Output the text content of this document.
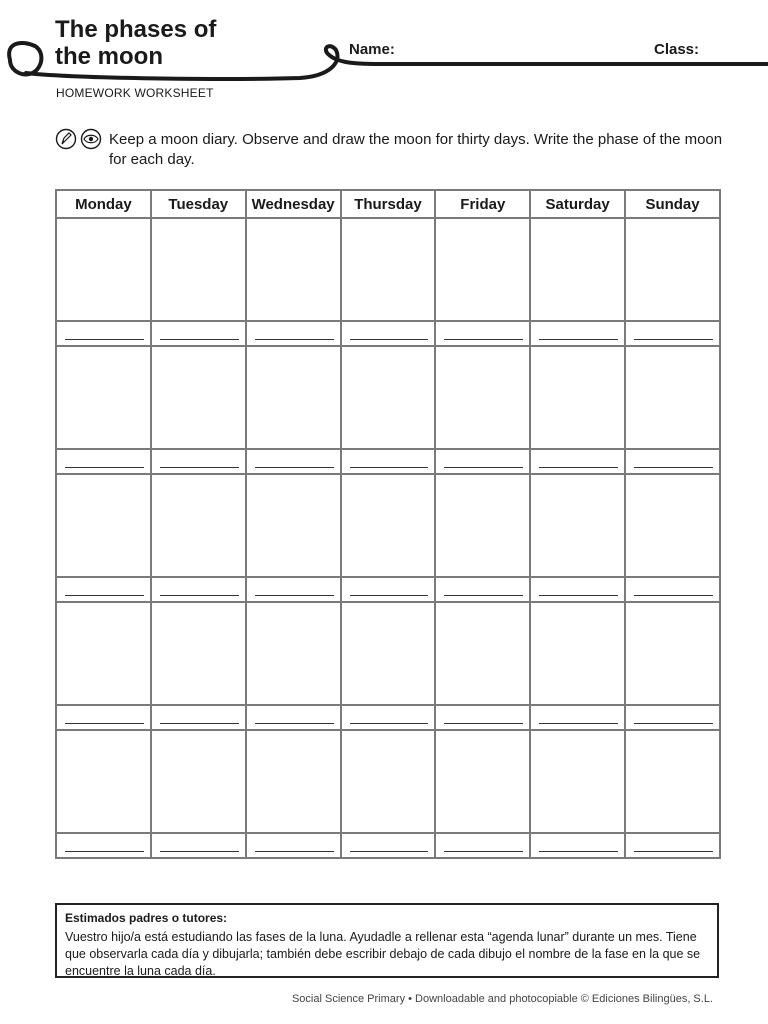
The phases of
the moon	Name:	Class:
HOMEWORK WORKSHEET
Keep a moon diary. Observe and draw the moon for thirty days. Write the phase of the moon for each day.
Monday	Tuesday	Wednesday	Thursday	Friday	Saturday	Sunday

Estimados padres o tutores:
Vuestro hijo/a está estudiando las fases de la luna. Ayudadle a rellenar esta “agenda lunar” durante un mes. Tiene que observarla cada día y dibujarla; también debe escribir debajo de cada dibujo el nombre de la fase en la que se encuentre la luna cada día.
Social Science Primary • Downloadable and photocopiable © Ediciones Bilingües, S.L.
